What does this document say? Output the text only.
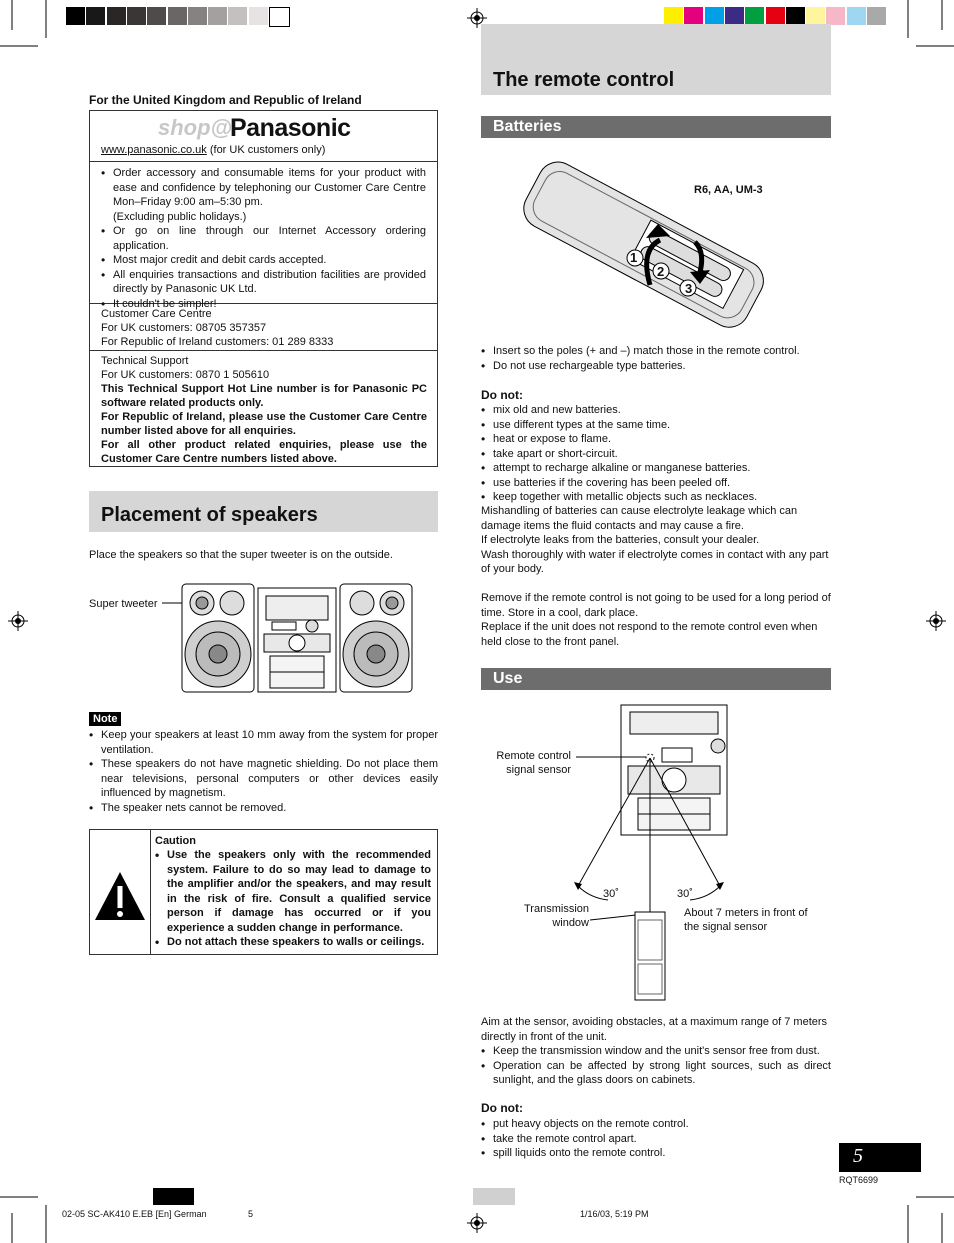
For the United Kingdom and Republic of Ireland
shop@
Panasonic
www.panasonic.co.uk (for UK customers only)
• Order accessory and consumable items for your product with ease and confidence by telephoning our Customer Care Centre Mon–Friday 9:00 am–5:30 pm.
(Excluding public holidays.)
• Or go on line through our Internet Accessory ordering application.
• Most major credit and debit cards accepted.
• All enquiries transactions and distribution facilities are provided directly by Panasonic UK Ltd.
• It couldn't be simpler!
Customer Care Centre
For UK customers: 08705 357357
For Republic of Ireland customers: 01 289 8333
Technical Support
For UK customers: 0870 1 505610
This Technical Support Hot Line number is for Panasonic PC software related products only.
For Republic of Ireland, please use the Customer Care Centre number listed above for all enquiries.
For all other product related enquiries, please use the Customer Care Centre numbers listed above.
Placement of speakers
Place the speakers so that the super tweeter is on the outside.
Super tweeter
Note
• Keep your speakers at least 10 mm away from the system for proper ventilation.
• These speakers do not have magnetic shielding. Do not place them near televisions, personal computers or other devices easily influenced by magnetism.
• The speaker nets cannot be removed.
Caution
• Use the speakers only with the recommended system. Failure to do so may lead to damage to the amplifier and/or the speakers, and may result in the risk of fire. Consult a qualified service person if damage has occurred or if you experience a sudden change in performance.
• Do not attach these speakers to walls or ceilings.
The remote control
Batteries
R6, AA, UM-3
1
2
3
• Insert so the poles (+ and –) match those in the remote control.
• Do not use rechargeable type batteries.
Do not:
• mix old and new batteries.
• use different types at the same time.
• heat or expose to flame.
• take apart or short-circuit.
• attempt to recharge alkaline or manganese batteries.
• use batteries if the covering has been peeled off.
• keep together with metallic objects such as necklaces.
Mishandling of batteries can cause electrolyte leakage which can damage items the fluid contacts and may cause a fire.
If electrolyte leaks from the batteries, consult your dealer.
Wash thoroughly with water if electrolyte comes in contact with any part of your body.
Remove if the remote control is not going to be used for a long period of time. Store in a cool, dark place.
Replace if the unit does not respond to the remote control even when held close to the front panel.
Use
Remote control signal sensor
30˚	30˚
Transmission window
About 7 meters in front of the signal sensor
Aim at the sensor, avoiding obstacles, at a maximum range of 7 meters directly in front of the unit.
• Keep the transmission window and the unit's sensor free from dust.
• Operation can be affected by strong light sources, such as direct sunlight, and the glass doors on cabinets.
Do not:
• put heavy objects on the remote control.
• take the remote control apart.
• spill liquids onto the remote control.	5
RQT6699
02-05 SC-AK410 E.EB [En] German	5	1/16/03, 5:19 PM
